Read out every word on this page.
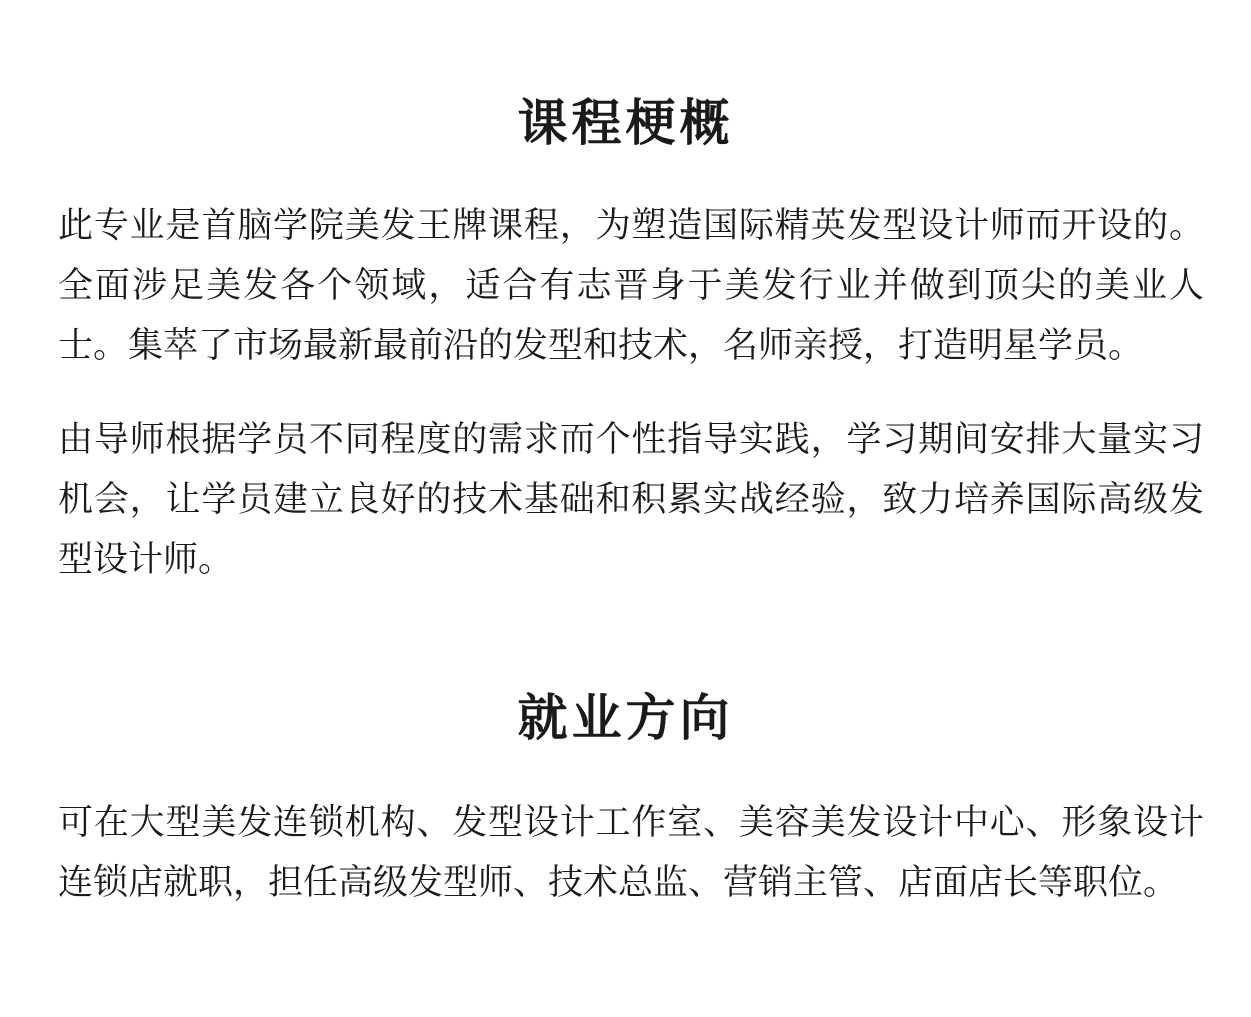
课程梗概

此专业是首脑学院美发王牌课程，为塑造国际精英发型设计师而开设的。全面涉足美发各个领域，适合有志晋身于美发行业并做到顶尖的美业人士。集萃了市场最新最前沿的发型和技术，名师亲授，打造明星学员。

由导师根据学员不同程度的需求而个性指导实践，学习期间安排大量实习机会，让学员建立良好的技术基础和积累实战经验，致力培养国际高级发型设计师。

就业方向

可在大型美发连锁机构、发型设计工作室、美容美发设计中心、形象设计连锁店就职，担任高级发型师、技术总监、营销主管、店面店长等职位。
